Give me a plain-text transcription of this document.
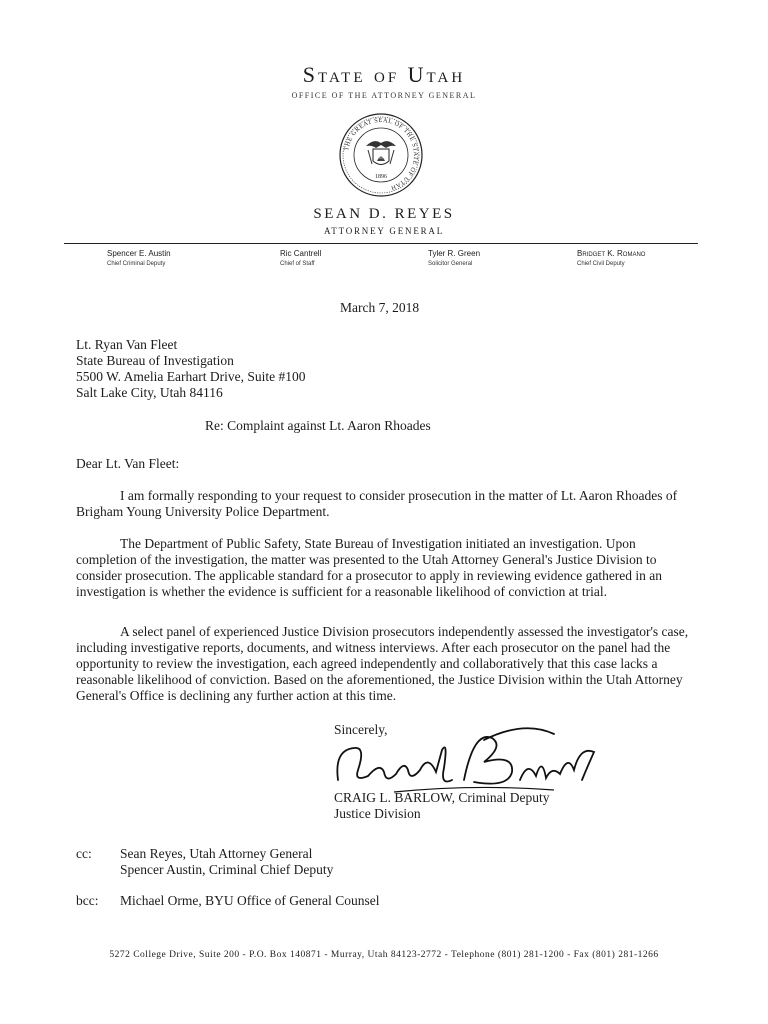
State of Utah
OFFICE OF THE ATTORNEY GENERAL
THE GREAT SEAL OF THE STATE OF UTAH
1896
SEAN D. REYES
ATTORNEY GENERAL
Spencer E. Austin
Chief Criminal Deputy
Ric Cantrell
Chief of Staff
Tyler R. Green
Solicitor General
Bridget K. Romano
Chief Civil Deputy
March 7, 2018
Lt. Ryan Van Fleet
State Bureau of Investigation
5500 W. Amelia Earhart Drive, Suite #100
Salt Lake City, Utah 84116
Re: Complaint against Lt. Aaron Rhoades
Dear Lt. Van Fleet:
I am formally responding to your request to consider prosecution in the matter of Lt. Aaron Rhoades of Brigham Young University Police Department.
The Department of Public Safety, State Bureau of Investigation initiated an investigation. Upon completion of the investigation, the matter was presented to the Utah Attorney General's Justice Division to consider prosecution. The applicable standard for a prosecutor to apply in reviewing evidence gathered in an investigation is whether the evidence is sufficient for a reasonable likelihood of conviction at trial.
A select panel of experienced Justice Division prosecutors independently assessed the investigator's case, including investigative reports, documents, and witness interviews. After each prosecutor on the panel had the opportunity to review the investigation, each agreed independently and collaboratively that this case lacks a reasonable likelihood of conviction. Based on the aforementioned, the Justice Division within the Utah Attorney General's Office is declining any further action at this time.
Sincerely,
CRAIG L. BARLOW, Criminal Deputy
Justice Division
cc: Sean Reyes, Utah Attorney General
Spencer Austin, Criminal Chief Deputy
bcc: Michael Orme, BYU Office of General Counsel
5272 College Drive, Suite 200 - P.O. Box 140871 - Murray, Utah 84123-2772 - Telephone (801) 281-1200 - Fax (801) 281-1266
